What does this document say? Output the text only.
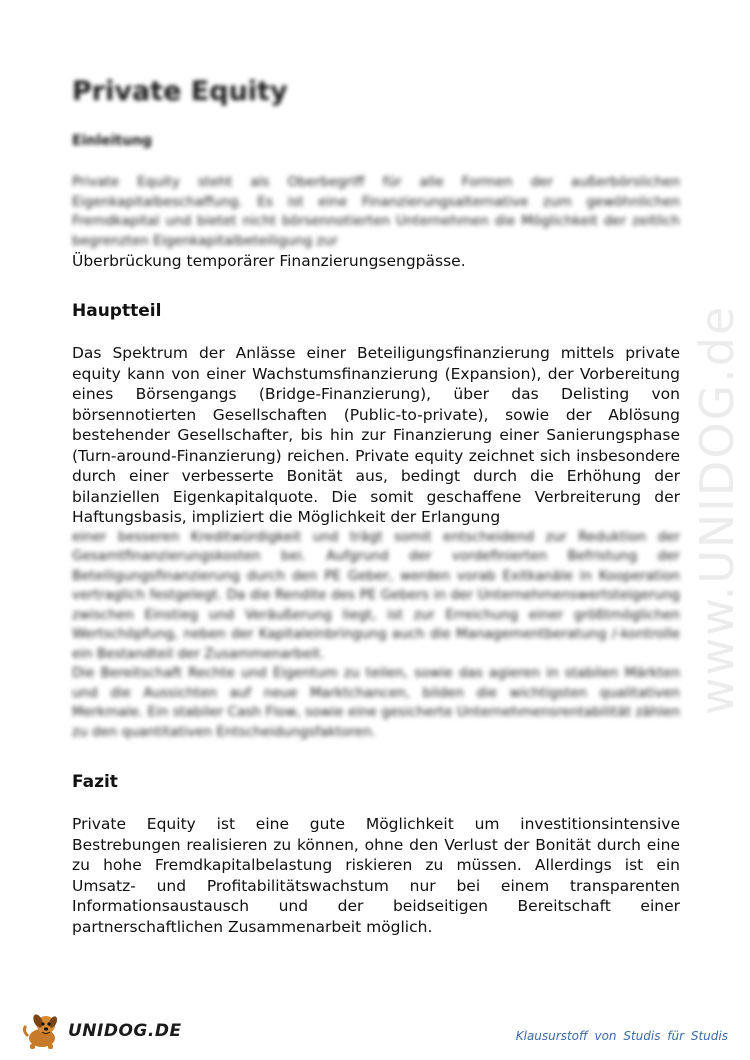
www.UNIDOG.de
Private Equity
Einleitung

Private Equity steht als Oberbegriff für alle Formen der außerbörslichen Eigenkapitalbeschaffung. Es ist eine Finanzierungsalternative zum gewöhnlichen Fremdkapital und bietet nicht börsennotierten Unternehmen die Möglichkeit der zeitlich begrenzten Eigenkapitalbeteiligung zur

Überbrückung temporärer Finanzierungsengpässe.

Hauptteil

Das Spektrum der Anlässe einer Beteiligungsfinanzierung mittels private equity kann von einer Wachstumsfinanzierung (Expansion), der Vorbereitung eines Börsengangs (Bridge-Finanzierung), über das Delisting von börsennotierten Gesellschaften (Public-to-private), sowie der Ablösung bestehender Gesellschafter, bis hin zur Finanzierung einer Sanierungsphase (Turn-around-Finanzierung) reichen. Private equity zeichnet sich insbesondere durch einer verbesserte Bonität aus, bedingt durch die Erhöhung der bilanziellen Eigenkapitalquote. Die somit geschaffene Verbreiterung der Haftungsbasis, impliziert die Möglichkeit der Erlangung

einer besseren Kreditwürdigkeit und trägt somit entscheidend zur Reduktion der Gesamtfinanzierungskosten bei. Aufgrund der vordefinierten Befristung der Beteiligungsfinanzierung durch den PE Geber, werden vorab Exitkanäle in Kooperation vertraglich festgelegt. Da die Rendite des PE Gebers in der Unternehmenswertsteigerung zwischen Einstieg und Veräußerung liegt, ist zur Erreichung einer größtmöglichen Wertschöpfung, neben der Kapitaleinbringung auch die Managementberatung /-kontrolle ein Bestandteil der Zusammenarbeit.

Die Bereitschaft Rechte und Eigentum zu teilen, sowie das agieren in stabilen Märkten und die Aussichten auf neue Marktchancen, bilden die wichtigsten qualitativen Merkmale. Ein stabiler Cash Flow, sowie eine gesicherte Unternehmensrentabilität zählen zu den quantitativen Entscheidungsfaktoren.

Fazit

Private Equity ist eine gute Möglichkeit um investitionsintensive Bestrebungen realisieren zu können, ohne den Verlust der Bonität durch eine zu hohe Fremdkapitalbelastung riskieren zu müssen. Allerdings ist ein Umsatz- und Profitabilitätswachstum nur bei einem transparenten Informationsaustausch und der beidseitigen Bereitschaft einer partnerschaftlichen Zusammenarbeit möglich.

UNIDOG.DE	Klausurstoff von Studis für Studis
